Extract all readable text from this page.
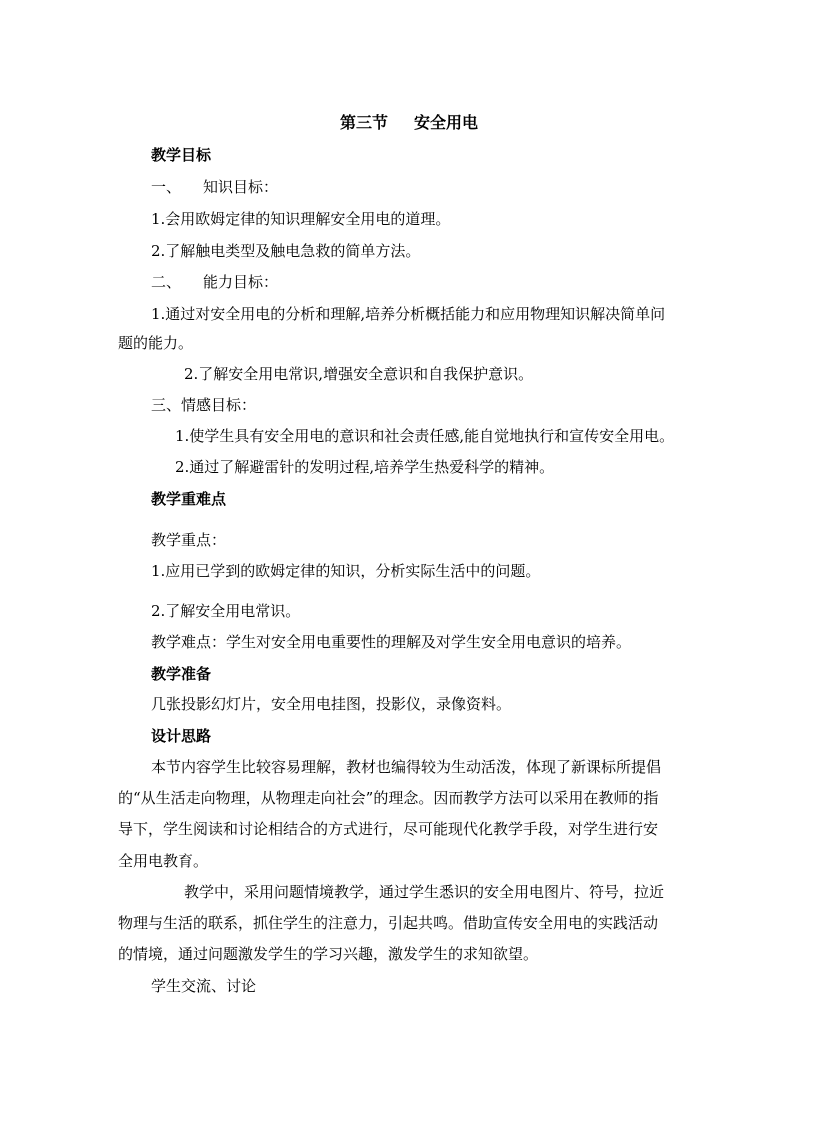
第三节 安全用电
教学目标
一、 知识目标：
1.会用欧姆定律的知识理解安全用电的道理。
2.了解触电类型及触电急救的简单方法。
二、 能力目标：
1.通过对安全用电的分析和理解,培养分析概括能力和应用物理知识解决简单问
题的能力。
2.了解安全用电常识,增强安全意识和自我保护意识。
三、情感目标：
1.使学生具有安全用电的意识和社会责任感,能自觉地执行和宣传安全用电。
2.通过了解避雷针的发明过程,培养学生热爱科学的精神。
教学重难点
教学重点：
1.应用已学到的欧姆定律的知识，分析实际生活中的问题。
2.了解安全用电常识。
教学难点：学生对安全用电重要性的理解及对学生安全用电意识的培养。
教学准备
几张投影幻灯片，安全用电挂图，投影仪，录像资料。
设计思路
本节内容学生比较容易理解，教材也编得较为生动活泼，体现了新课标所提倡
的“从生活走向物理，从物理走向社会”的理念。因而教学方法可以采用在教师的指
导下，学生阅读和讨论相结合的方式进行，尽可能现代化教学手段，对学生进行安
全用电教育。
教学中，采用问题情境教学，通过学生悉识的安全用电图片、符号，拉近
物理与生活的联系，抓住学生的注意力，引起共鸣。借助宣传安全用电的实践活动
的情境，通过问题激发学生的学习兴趣，激发学生的求知欲望。
学生交流、讨论
